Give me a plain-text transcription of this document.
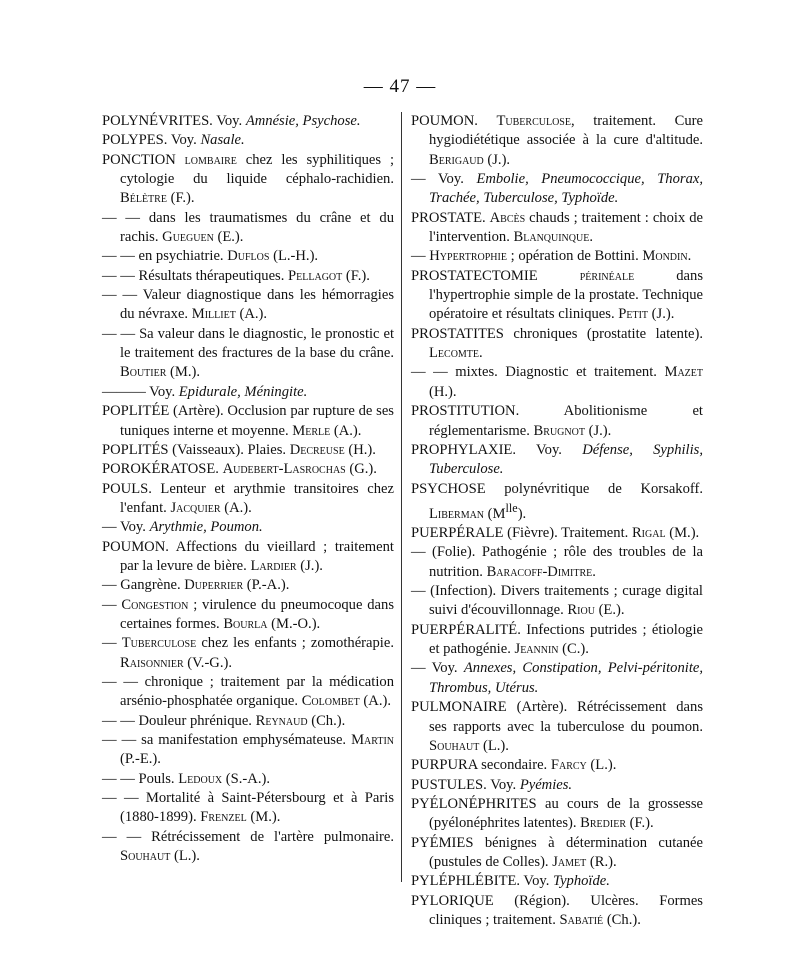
— 47 —

POLYNÉVRITES. Voy. Amnésie, Psychose.

POLYPES. Voy. Nasale.

PONCTION lombaire chez les syphilitiques ; cytologie du liquide céphalo-rachidien. Bélètre (F.).

— — dans les traumatismes du crâne et du rachis. Gueguen (E.).

— — en psychiatrie. Duflos (L.-H.).

— — Résultats thérapeutiques. Pellagot (F.).

— — Valeur diagnostique dans les hémorragies du névraxe. Milliet (A.).

— — Sa valeur dans le diagnostic, le pronostic et le traitement des fractures de la base du crâne. Boutier (M.).

——— Voy. Epidurale, Méningite.

POPLITÉE (Artère). Occlusion par rupture de ses tuniques interne et moyenne. Merle (A.).

POPLITÉS (Vaisseaux). Plaies. Decreuse (H.).

POROKÉRATOSE. Audebert-Lasrochas (G.).

POULS. Lenteur et arythmie transitoires chez l'enfant. Jacquier (A.).

— Voy. Arythmie, Poumon.

POUMON. Affections du vieillard ; traitement par la levure de bière. Lardier (J.).

— Gangrène. Duperrier (P.-A.).

— Congestion ; virulence du pneumocoque dans certaines formes. Bourla (M.-O.).

— Tuberculose chez les enfants ; zomothérapie. Raisonnier (V.-G.).

— — chronique ; traitement par la médication arsénio-phosphatée organique. Colombet (A.).

— — Douleur phrénique. Reynaud (Ch.).

— — sa manifestation emphysémateuse. Martin (P.-E.).

— — Pouls. Ledoux (S.-A.).

— — Mortalité à Saint-Pétersbourg et à Paris (1880-1899). Frenzel (M.).

— — Rétrécissement de l'artère pulmonaire. Souhaut (L.).

POUMON. Tuberculose, traitement. Cure hygiodiététique associée à la cure d'altitude. Berigaud (J.).

— Voy. Embolie, Pneumococcique, Thorax, Trachée, Tuberculose, Typhoïde.

PROSTATE. Abcès chauds ; traitement : choix de l'intervention. Blanquinque.

— Hypertrophie ; opération de Bottini. Mondin.

PROSTATECTOMIE périnéale dans l'hypertrophie simple de la prostate. Technique opératoire et résultats cliniques. Petit (J.).

PROSTATITES chroniques (prostatite latente). Lecomte.

— — mixtes. Diagnostic et traitement. Mazet (H.).

PROSTITUTION. Abolitionisme et réglementarisme. Brugnot (J.).

PROPHYLAXIE. Voy. Défense, Syphilis, Tuberculose.

PSYCHOSE polynévritique de Korsakoff. Liberman $(M^{lle})$.

PUERPÉRALE (Fièvre). Traitement. Rigal (M.).

— (Folie). Pathogénie ; rôle des troubles de la nutrition. Baracoff-Dimitre.

— (Infection). Divers traitements ; curage digital suivi d'écouvillonnage. Riou (E.).

PUERPÉRALITÉ. Infections putrides ; étiologie et pathogénie. Jeannin (C.).

— Voy. Annexes, Constipation, Pelvi-péritonite, Thrombus, Utérus.

PULMONAIRE (Artère). Rétrécissement dans ses rapports avec la tuberculose du poumon. Souhaut (L.).

PURPURA secondaire. Farcy (L.).

PUSTULES. Voy. Pyémies.

PYÉLONÉPHRITES au cours de la grossesse (pyélonéphrites latentes). Bredier (F.).

PYÉMIES bénignes à détermination cutanée (pustules de Colles). Jamet (R.).

PYLÉPHLÉBITE. Voy. Typhoïde.

PYLORIQUE (Région). Ulcères. Formes cliniques ; traitement. Sabatié (Ch.).
